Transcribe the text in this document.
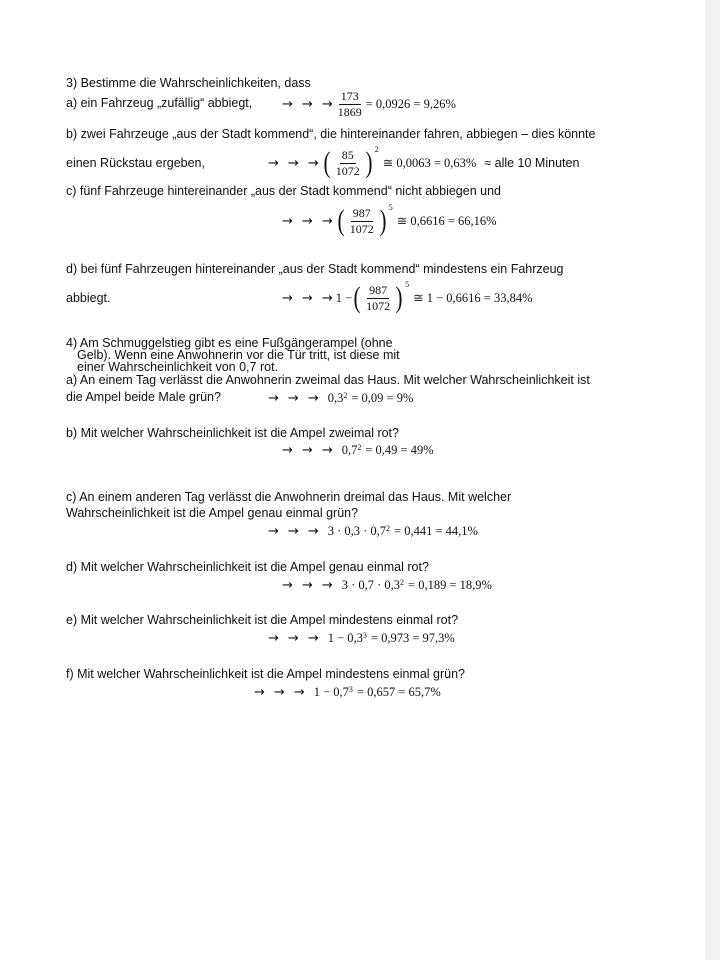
3) Bestimme die Wahrscheinlichkeiten, dass
a) ein Fahrzeug „zufällig“ abbiegt, → → → $\frac{173}{1869} = 0,0926 = 9,26\%$
b) zwei Fahrzeuge „aus der Stadt kommend“, die hintereinander fahren, abbiegen – dies könnte
einen Rückstau ergeben,	→ → → ( $\frac{85}{1072}$ ) $^2$
≅ 0,0063 = 0,63% ≈ alle 10 Minuten
c) fünf Fahrzeuge hintereinander „aus der Stadt kommend“ nicht abbiegen und
→ → → ( $\frac{987}{1072}$ ) $^5$
≅ 0,6616 = 66,16%
d) bei fünf Fahrzeugen hintereinander „aus der Stadt kommend“ mindestens ein Fahrzeug
abbiegt.	→ → → 1 − ( $\frac{987}{1072}$ ) $^5$
≅ 1 − 0,6616 = 33,84%
4) Am Schmuggelstieg gibt es eine Fußgängerampel (ohne
Gelb). Wenn eine Anwohnerin vor die Tür tritt, ist diese mit
einer Wahrscheinlichkeit von 0,7 rot.
a) An einem Tag verlässt die Anwohnerin zweimal das Haus. Mit welcher Wahrscheinlichkeit ist
die Ampel beide Male grün?	→ → → $0,3^2 = 0,09 = 9\%$
b) Mit welcher Wahrscheinlichkeit ist die Ampel zweimal rot?
→ → → $0,7^2 = 0,49 = 49\%$
c) An einem anderen Tag verlässt die Anwohnerin dreimal das Haus. Mit welcher
Wahrscheinlichkeit ist die Ampel genau einmal grün?
→ → → $3 \cdot 0,3 \cdot 0,7^2 = 0,441 = 44,1\%$
d) Mit welcher Wahrscheinlichkeit ist die Ampel genau einmal rot?
→ → → $3 \cdot 0,7 \cdot 0,3^2 = 0,189 = 18,9\%$
e) Mit welcher Wahrscheinlichkeit ist die Ampel mindestens einmal rot?
→ → → $1 - 0,3^3 = 0,973 = 97,3\%$
f) Mit welcher Wahrscheinlichkeit ist die Ampel mindestens einmal grün?
→ → → $1 - 0,7^3 = 0,657 = 65,7\%$
